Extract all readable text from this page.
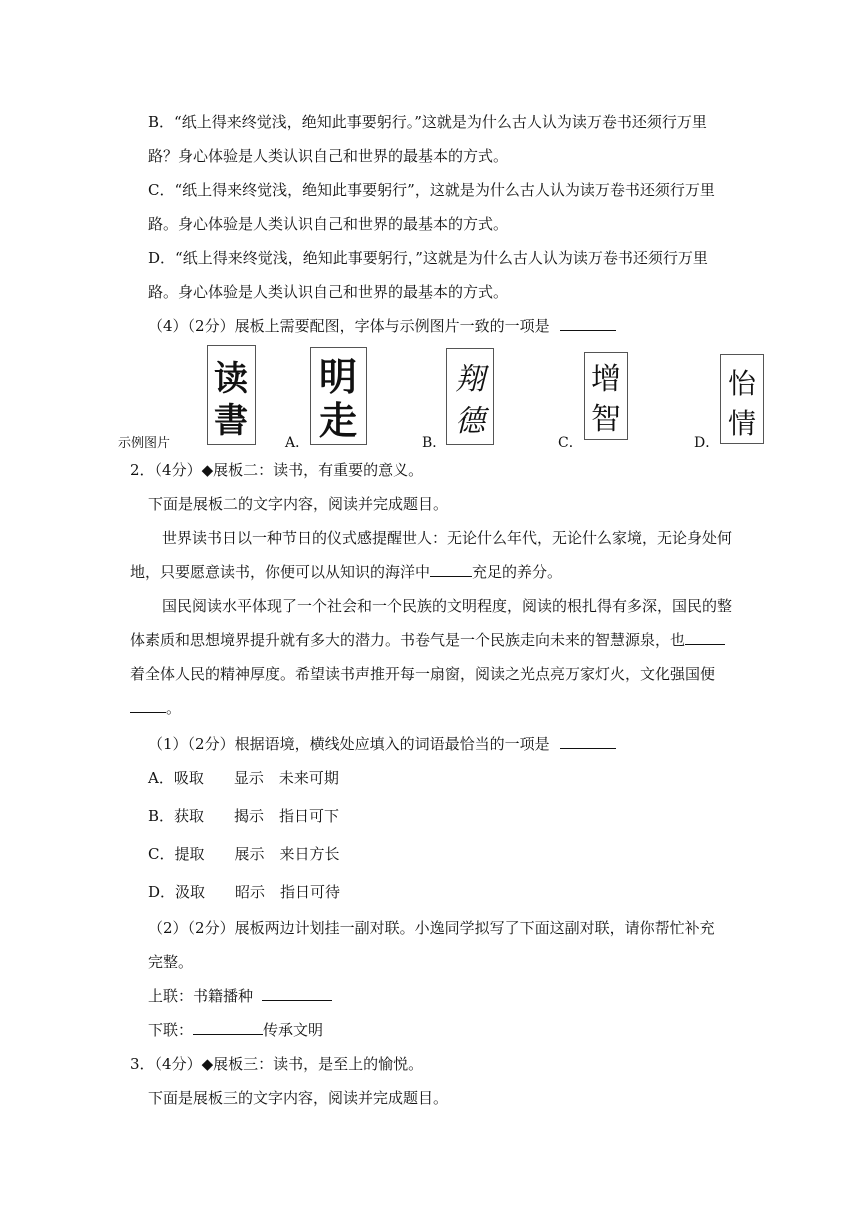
B．“纸上得来终觉浅，绝知此事要躬行。”这就是为什么古人认为读万卷书还须行万里
路？身心体验是人类认识自己和世界的最基本的方式。
C．“纸上得来终觉浅，绝知此事要躬行”，这就是为什么古人认为读万卷书还须行万里
路。身心体验是人类认识自己和世界的最基本的方式。
D．“纸上得来终觉浅，绝知此事要躬行，”这就是为什么古人认为读万卷书还须行万里
路。身心体验是人类认识自己和世界的最基本的方式。
（4）（2分）展板上需要配图，字体与示例图片一致的一项是
示例图片
读
書
A．
明
走	B．
翔
德
C．
增
智
D．
怡
情
2．（4分）◆展板二：读书，有重要的意义。
下面是展板二的文字内容，阅读并完成题目。
世界读书日以一种节日的仪式感提醒世人：无论什么年代，无论什么家境，无论身处何
地，只要愿意读书，你便可以从知识的海洋中	充足的养分。
国民阅读水平体现了一个社会和一个民族的文明程度，阅读的根扎得有多深，国民的整
体素质和思想境界提升就有多大的潜力。书卷气是一个民族走向未来的智慧源泉，也
着全体人民的精神厚度。希望读书声推开每一扇窗，阅读之光点亮万家灯火，文化强国便
。
（1）（2分）根据语境，横线处应填入的词语最恰当的一项是
A．吸取　　显示　未来可期
B．获取　　揭示　指日可下
C．提取　　展示　来日方长
D．汲取　　昭示　指日可待
（2）（2分）展板两边计划挂一副对联。小逸同学拟写了下面这副对联，请你帮忙补充
完整。
上联：书籍播种
下联：	传承文明
3．（4分）◆展板三：读书，是至上的愉悦。
下面是展板三的文字内容，阅读并完成题目。
